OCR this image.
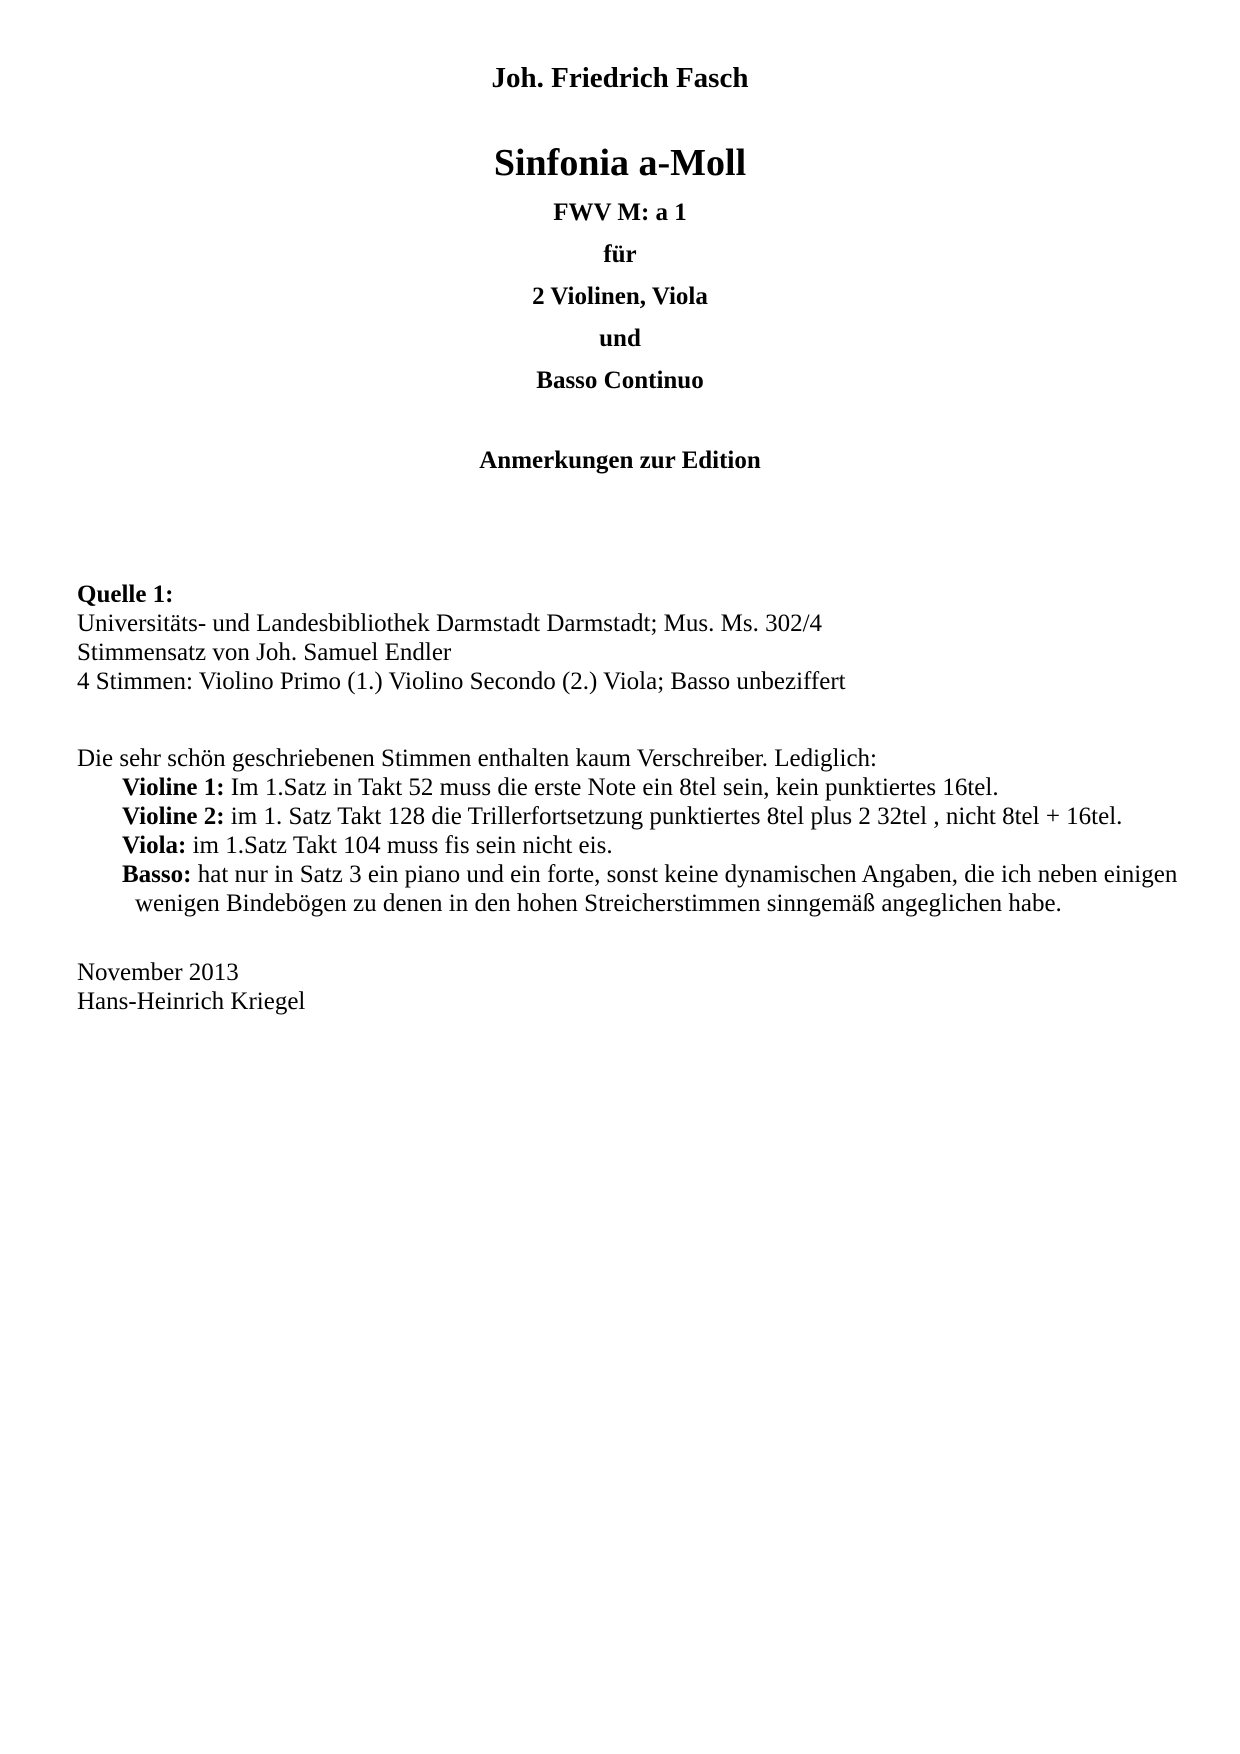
Joh. Friedrich Fasch
Sinfonia a-Moll
FWV M: a 1
für
2 Violinen, Viola
und
Basso Continuo
Anmerkungen zur Edition
Quelle 1:
Universitäts- und Landesbibliothek Darmstadt Darmstadt; Mus. Ms. 302/4
Stimmensatz von Joh. Samuel Endler
4 Stimmen: Violino Primo (1.) Violino Secondo (2.) Viola; Basso unbeziffert
Die sehr schön geschriebenen Stimmen enthalten kaum Verschreiber. Lediglich:
Violine 1: Im 1.Satz in Takt 52 muss die erste Note ein 8tel sein, kein punktiertes 16tel.
Violine 2: im 1. Satz Takt 128 die Trillerfortsetzung punktiertes 8tel plus 2 32tel , nicht 8tel + 16tel.
Viola: im 1.Satz Takt 104 muss fis sein nicht eis.
Basso: hat nur in Satz 3 ein piano und ein forte, sonst keine dynamischen Angaben, die ich neben einigen
wenigen Bindebögen zu denen in den hohen Streicherstimmen sinngemäß angeglichen habe.
November 2013
Hans-Heinrich Kriegel
